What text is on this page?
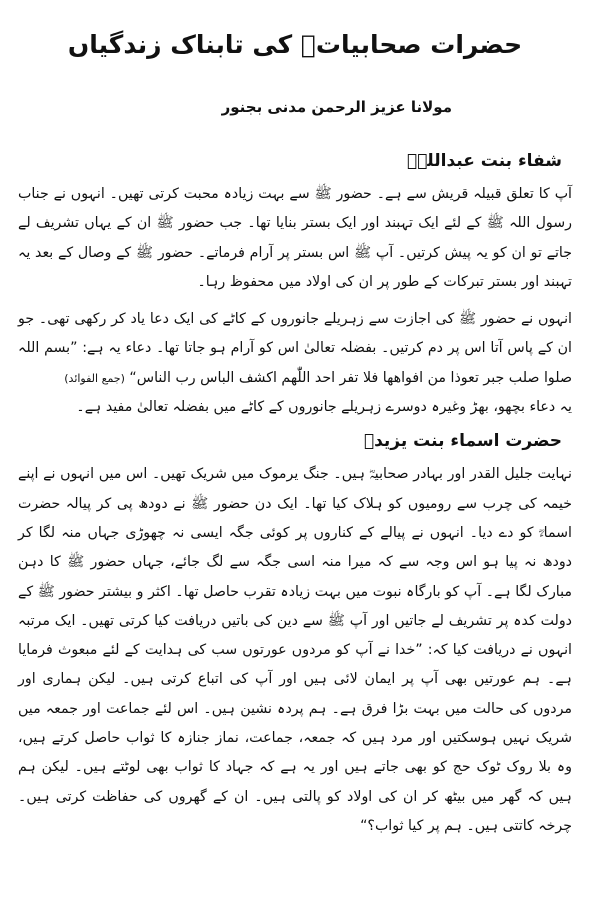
حضرات صحابیاتؓ کی تابناک زندگیاں
مولانا عزیز الرحمن مدنی بجنور
شفاء بنت عبداللہؓ

آپ کا تعلق قبیلہ قریش سے ہے۔ حضور ﷺ سے بہت زیادہ محبت کرتی تھیں۔ انہوں نے جناب رسول اللہ ﷺ کے لئے ایک تہبند اور ایک بستر بنایا تھا۔ جب حضور ﷺ ان کے یہاں تشریف لے جاتے تو ان کو یہ پیش کرتیں۔ آپ ﷺ اس بستر پر آرام فرماتے۔ حضور ﷺ کے وصال کے بعد یہ تہبند اور بستر تبرکات کے طور پر ان کی اولاد میں محفوظ رہا۔

انہوں نے حضور ﷺ کی اجازت سے زہریلے جانوروں کے کاٹے کی ایک دعا یاد کر رکھی تھی۔ جو ان کے پاس آتا اس پر دم کرتیں۔ بفضلہ تعالیٰ اس کو آرام ہو جاتا تھا۔ دعاء یہ ہے: ”بسم اللہ صلوا صلب جبر تعوذا من افواھھا فلا تفر احد اللّٰھم اکشف الباس رب الناس“ (جمع الفوائد)

یہ دعاء بچھو، بھڑ وغیرہ دوسرے زہریلے جانوروں کے کاٹے میں بفضلہ تعالیٰ مفید ہے۔

حضرت اسماء بنت یزیدؓ

نہایت جلیل القدر اور بہادر صحابیہؓ ہیں۔ جنگ یرموک میں شریک تھیں۔ اس میں انہوں نے اپنے خیمہ کی چرب سے رومیوں کو ہلاک کیا تھا۔ ایک دن حضور ﷺ نے دودھ پی کر پیالہ حضرت اسماءؓ کو دے دیا۔ انہوں نے پیالے کے کناروں پر کوئی جگہ ایسی نہ چھوڑی جہاں منہ لگا کر دودھ نہ پیا ہو اس وجہ سے کہ میرا منہ اسی جگہ سے لگ جائے، جہاں حضور ﷺ کا دہن مبارک لگا ہے۔ آپ کو بارگاہ نبوت میں بہت زیادہ تقرب حاصل تھا۔ اکثر و بیشتر حضور ﷺ کے دولت کدہ پر تشریف لے جاتیں اور آپ ﷺ سے دین کی باتیں دریافت کیا کرتی تھیں۔ ایک مرتبہ انہوں نے دریافت کیا کہ: ”خدا نے آپ کو مردوں عورتوں سب کی ہدایت کے لئے مبعوث فرمایا ہے۔ ہم عورتیں بھی آپ پر ایمان لائی ہیں اور آپ کی اتباع کرتی ہیں۔ لیکن ہماری اور مردوں کی حالت میں بہت بڑا فرق ہے۔ ہم پردہ نشین ہیں۔ اس لئے جماعت اور جمعہ میں شریک نہیں ہوسکتیں اور مرد ہیں کہ جمعہ، جماعت، نماز جنازہ کا ثواب حاصل کرتے ہیں، وہ بلا روک ٹوک حج کو بھی جاتے ہیں اور یہ ہے کہ جہاد کا ثواب بھی لوٹتے ہیں۔ لیکن ہم ہیں کہ گھر میں بیٹھ کر ان کی اولاد کو پالتی ہیں۔ ان کے گھروں کی حفاظت کرتی ہیں۔ چرخہ کاتتی ہیں۔ ہم پر کیا ثواب؟“
